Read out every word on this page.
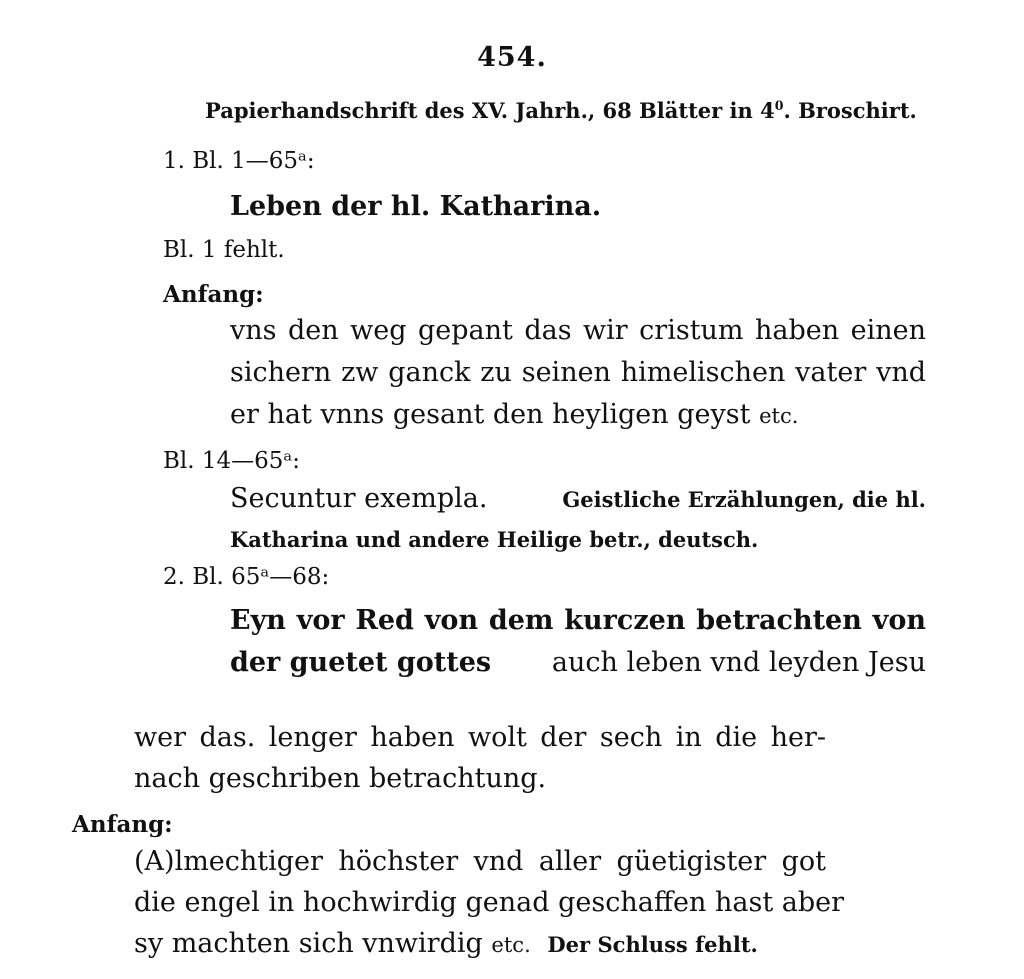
454.
Papierhandschrift des XV. Jahrh., 68 Blätter in $4^0$. Broschirt.
1. Bl. 1—65ᵃ:
Leben der hl. Katharina.
Bl. 1 fehlt.
Anfang:
vns den weg gepant das wir cristum haben einen
sichern zw ganck zu seinen himelischen vater vnd
er hat vnns gesant den heyligen geyst etc.
Bl. 14—65ᵃ:
Secuntur exempla.	Geistliche Erzählungen, die hl.
Katharina und andere Heilige betr., deutsch.
2. Bl. 65ᵃ—68:
Eyn vor Red von dem kurczen betrachten von
der guetet gottes auch leben vnd leyden Jesu
wer das. lenger haben wolt der sech in die her-
nach geschriben betrachtung.
Anfang:
(A)lmechtiger höchster vnd aller güetigister got
die engel in hochwirdig genad geschaffen hast aber
sy machten sich vnwirdig etc. Der Schluss fehlt.
